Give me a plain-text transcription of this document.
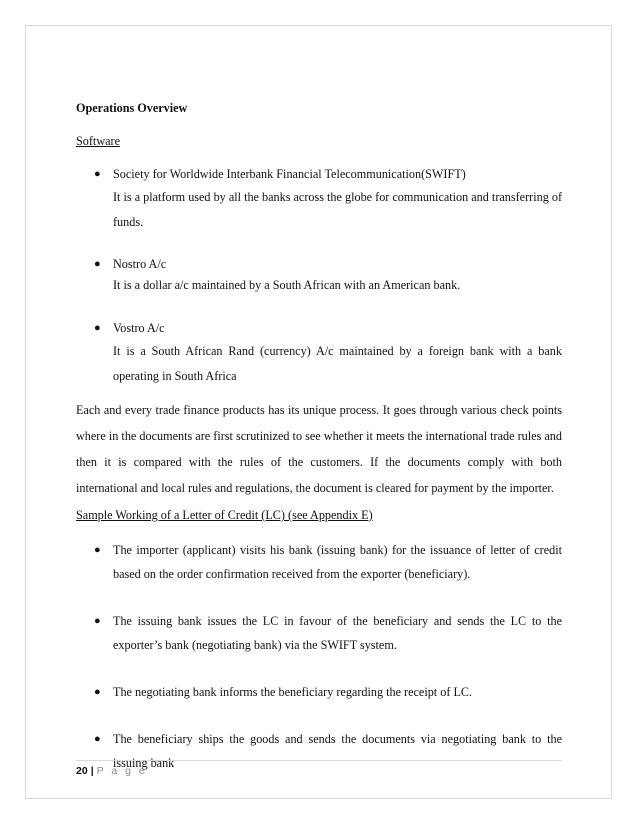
Operations Overview

Software

● Society for Worldwide Interbank Financial Telecommunication(SWIFT)
It is a platform used by all the banks across the globe for communication and transferring of funds.
● Nostro A/c
It is a dollar a/c maintained by a South African with an American bank.
● Vostro A/c
It is a South African Rand (currency) A/c maintained by a foreign bank with a bank operating in South Africa

Each and every trade finance products has its unique process. It goes through various check points where in the documents are first scrutinized to see whether it meets the international trade rules and then it is compared with the rules of the customers. If the documents comply with both international and local rules and regulations, the document is cleared for payment by the importer.

Sample Working of a Letter of Credit (LC) (see Appendix E)

● The importer (applicant) visits his bank (issuing bank) for the issuance of letter of credit based on the order confirmation received from the exporter (beneficiary).
● The issuing bank issues the LC in favour of the beneficiary and sends the LC to the exporter’s bank (negotiating bank) via the SWIFT system.
● The negotiating bank informs the beneficiary regarding the receipt of LC.
● The beneficiary ships the goods and sends the documents via negotiating bank to the issuing bank
20 | P a g e
